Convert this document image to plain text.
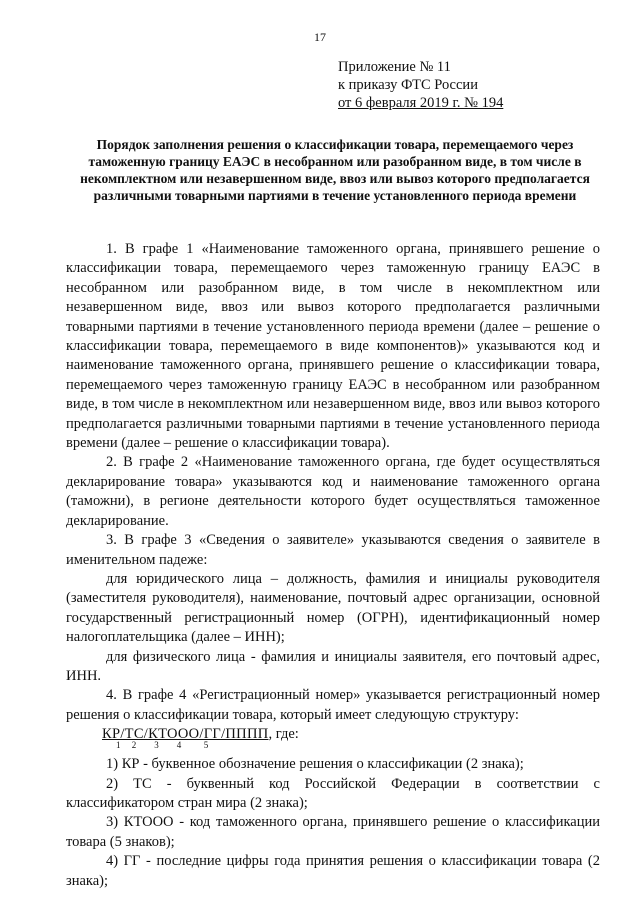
17
Приложение № 11
к приказу ФТС России
от 6 февраля 2019 г. № 194
Порядок заполнения решения о классификации товара, перемещаемого через таможенную границу ЕАЭС в несобранном или разобранном виде, в том числе в некомплектном или незавершенном виде, ввоз или вывоз которого предполагается различными товарными партиями в течение установленного периода времени

1. В графе 1 «Наименование таможенного органа, принявшего решение о классификации товара, перемещаемого через таможенную границу ЕАЭС в несобранном или разобранном виде, в том числе в некомплектном или незавершенном виде, ввоз или вывоз которого предполагается различными товарными партиями в течение установленного периода времени (далее – решение о классификации товара, перемещаемого в виде компонентов)» указываются код и наименование таможенного органа, принявшего решение о классификации товара, перемещаемого через таможенную границу ЕАЭС в несобранном или разобранном виде, в том числе в некомплектном или незавершенном виде, ввоз или вывоз которого предполагается различными товарными партиями в течение установленного периода времени (далее – решение о классификации товара).

2. В графе 2 «Наименование таможенного органа, где будет осуществляться декларирование товара» указываются код и наименование таможенного органа (таможни), в регионе деятельности которого будет осуществляться таможенное декларирование.

3. В графе 3 «Сведения о заявителе» указываются сведения о заявителе в именительном падеже:

для юридического лица – должность, фамилия и инициалы руководителя (заместителя руководителя), наименование, почтовый адрес организации, основной государственный регистрационный номер (ОГРН), идентификационный номер налогоплательщика (далее – ИНН);

для физического лица - фамилия и инициалы заявителя, его почтовый адрес, ИНН.

4. В графе 4 «Регистрационный номер» указывается регистрационный номер решения о классификации товара, который имеет следующую структуру:

КР/ТС/КТООО/ГГ/ПППП, где:
1     2        3        4          5

1) КР - буквенное обозначение решения о классификации (2 знака);

2) ТС - буквенный код Российской Федерации в соответствии с классификатором стран мира (2 знака);

3) КТООО - код таможенного органа, принявшего решение о классификации товара (5 знаков);

4) ГГ - последние цифры года принятия решения о классификации товара (2 знака);
